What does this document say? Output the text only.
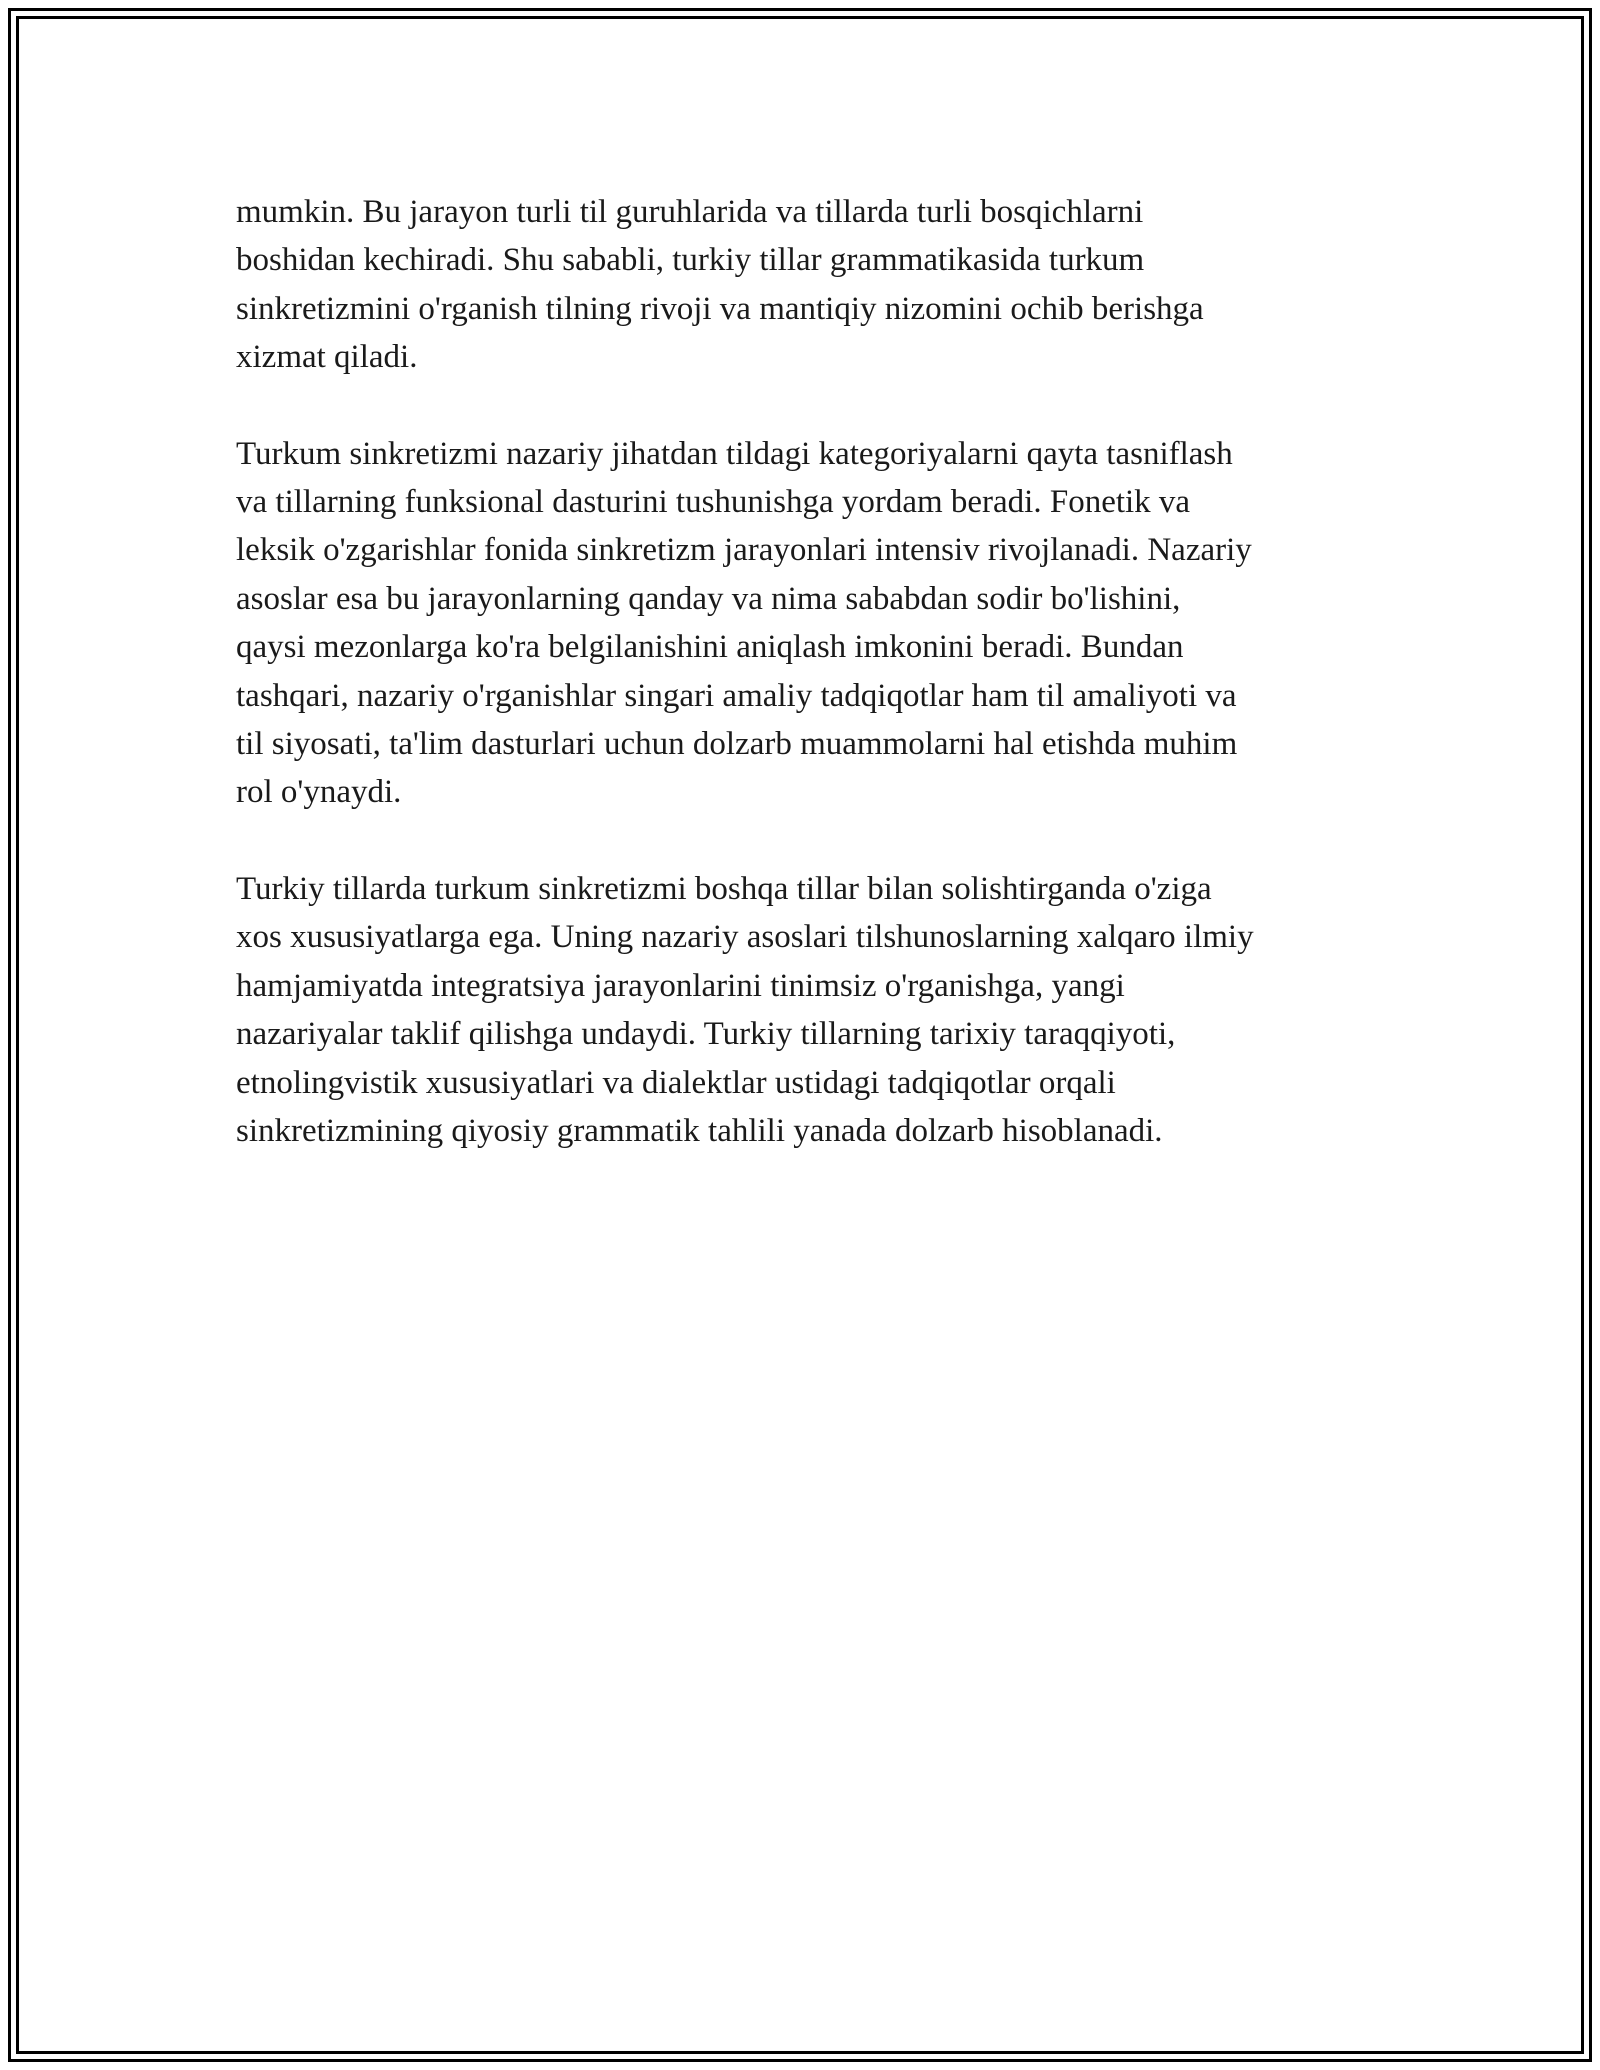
mumkin. Bu jarayon turli til guruhlarida va tillarda turli bosqichlarni
boshidan kechiradi. Shu sababli, turkiy tillar grammatikasida turkum
sinkretizmini o'rganish tilning rivoji va mantiqiy nizomini ochib berishga
xizmat qiladi.

Turkum sinkretizmi nazariy jihatdan tildagi kategoriyalarni qayta tasniflash
va tillarning funksional dasturini tushunishga yordam beradi. Fonetik va
leksik o'zgarishlar fonida sinkretizm jarayonlari intensiv rivojlanadi. Nazariy
asoslar esa bu jarayonlarning qanday va nima sababdan sodir bo'lishini,
qaysi mezonlarga ko'ra belgilanishini aniqlash imkonini beradi. Bundan
tashqari, nazariy o'rganishlar singari amaliy tadqiqotlar ham til amaliyoti va
til siyosati, ta'lim dasturlari uchun dolzarb muammolarni hal etishda muhim
rol o'ynaydi.

Turkiy tillarda turkum sinkretizmi boshqa tillar bilan solishtirganda o'ziga
xos xususiyatlarga ega. Uning nazariy asoslari tilshunoslarning xalqaro ilmiy
hamjamiyatda integratsiya jarayonlarini tinimsiz o'rganishga, yangi
nazariyalar taklif qilishga undaydi. Turkiy tillarning tarixiy taraqqiyoti,
etnolingvistik xususiyatlari va dialektlar ustidagi tadqiqotlar orqali
sinkretizmining qiyosiy grammatik tahlili yanada dolzarb hisoblanadi.
